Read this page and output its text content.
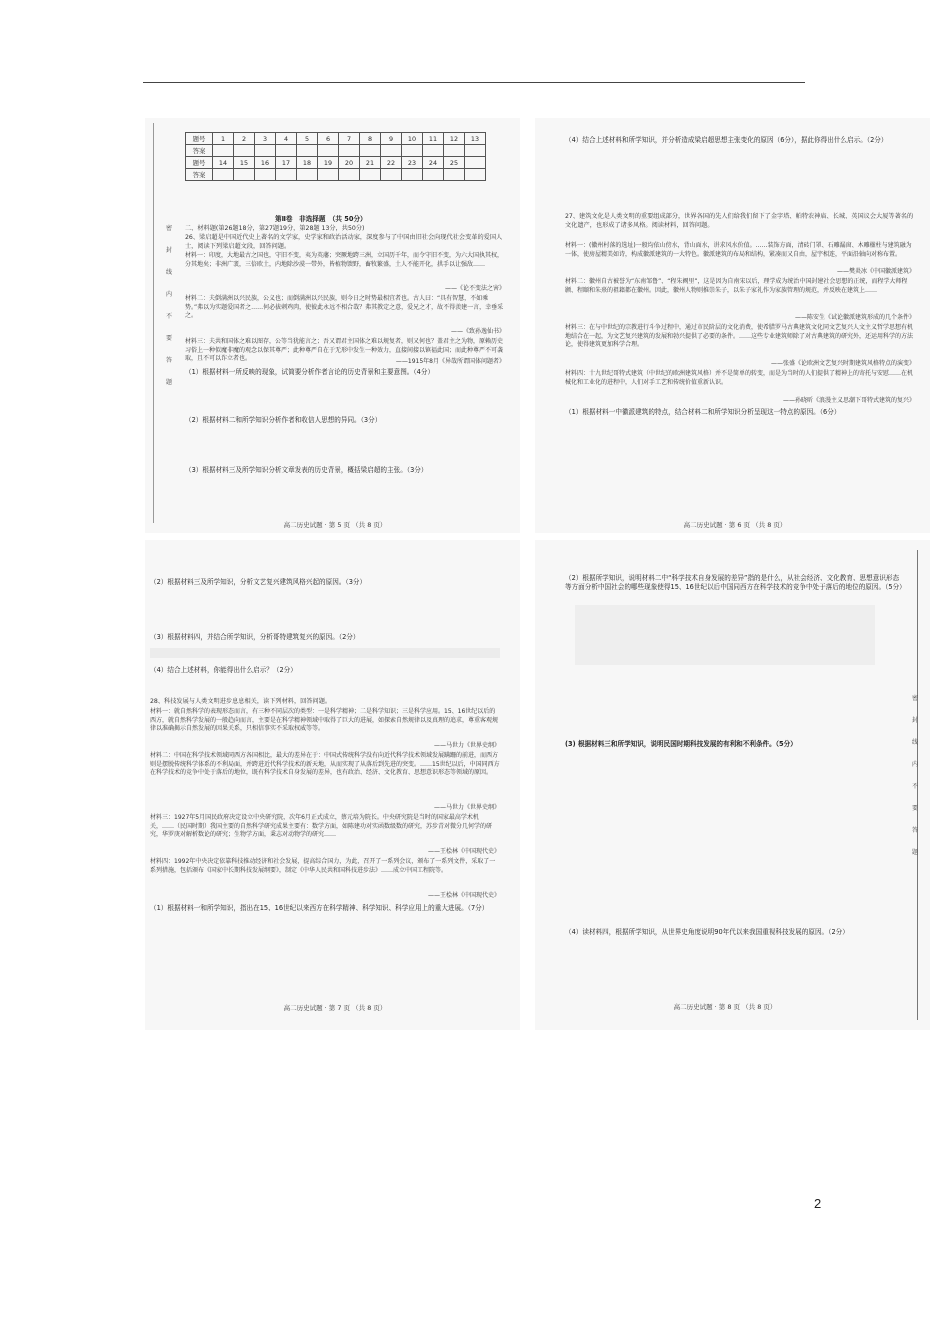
密
封
线
内
不
要
答
题
题号	1	2	3	4	5	6	7	8	9	10	11	12	13
答案													
题号	14	15	16	17	18	19	20	21	22	23	24	25	
答案													
第Ⅱ卷　非选择题　（共 50分）
二、材料题(第26题18分，第27题19分，第28题 13分，共50分)
26、梁启超是中国近代史上著名的文学家，史学家和政治活动家，深度参与了中国由旧社会向现代社会变革的爱国人士，阅读下列梁启超文段，回答问题。
材料一：印度，大地最古之国也，守旧不变，夷为英藩；突厥地跨三洲，立国历千年，而令守旧不变，为六大国执其权，分其地矣；非洲广袤，三倍欧土，内地除沙漠一带外，皆植物馈野，畜牧繁盛，土人不能开化，拱手以让强敌……
——《论不变法之害》
材料二：夫倒满洲以兴民族，公义也；而倒满洲以兴民族，则今日之时势最相宜者也。古人曰：“具有智慧，不如乘势。”弗以为实题爱国者之……何必拔刺鸡肉，使彼此永远不相合哉？弗其教定之意，爱兄之才，故不得羡建一言，幸垂采之。
——《致孙逸仙书》
材料三：夫共和国体之难以图存，公等当犹能言之；吾又谓君主国体之难以规复者，则又何也？盖君主之为物，原赖历史习俗上一种似魔非魔的观念以保其尊严；此种尊严自在于无形中发生一种效力，直接间接以镇福此国；而此种尊严不可袭取，且不可以诈立者也。	——1915年8月《异哉所谓国体问题者》
（1）根据材料一所反映的现象，试简要分析作者言论的历史背景和主要意图。（4分）
（2）根据材料二和所学知识分析作者和收信人思想的异同。（3分）
（3）根据材料三及所学知识分析文章发表的历史背景，概括梁启超的主张。（3分）
高二历史试题 · 第 5 页 （共 8 页）
（4）结合上述材料和所学知识，并分析造成梁启超思想主张变化的原因（6分），据此你得出什么启示。（2分）
27、建筑文化是人类文明的重要组成部分，世界各国的先人们给我们留下了金字塔、帕特农神庙、长城、英国议会大厦等著名的文化遗产，也形成了诸多风格。阅读材料，回答问题。
材料一：(徽州村落的选址)一般均依山傍水，背山面水，讲求风水价值。……装饰方面，清砖门罩、石雕漏窗、木雕楹柱与建筑融为一体，使房屋精美如诗，构成徽派建筑的一大特色。徽派建筑的布局和结构，紧凑而又自由，屋宇相连，平面沿轴向对称布置。
——樊炎冰《中国徽派建筑》
材料二：徽州自古被誉为“东南邹鲁”、“程朱阙里”，这是因为自南宋以后，理学成为统治中国封建社会思想的正统，而程学大师程颢、程颐和朱熹的祖籍都在徽州。因此，徽州人物则推崇朱子，以朱子家礼作为家族管理的规范，并反映在建筑上……
——陈安生《试论徽派建筑形成的几个条件》
材料三：在与中世纪的宗教进行斗争过程中，通过市民阶层的文化消费，使希腊罗马古典建筑文化同文艺复兴人文主义哲学思想有机地结合在一起，为文艺复兴建筑的发展和勃兴提供了必要的条件。……这些专业建筑师除了对古典建筑的研究外，还运用科学的方法论，使得建筑更加科学合理。
——张盛《论欧洲文艺复兴时期建筑风格特点的演变》
材料四：十九世纪哥特式建筑（中世纪的欧洲建筑风格）并不是简单的转变，而是为当时的人们提供了精神上的寄托与安慰……在机械化和工业化的进程中，人们对手工艺和传统价值重新认识。
——孙晓昕《浪漫主义思潮下哥特式建筑的复兴》
（1）根据材料一中徽派建筑的特点，结合材料二和所学知识分析呈现这一特点的原因。（6分）
高二历史试题 · 第 6 页 （共 8 页）
（2）根据材料三及所学知识，分析文艺复兴建筑风格兴起的原因。（3分）
（3）根据材料四，并结合所学知识，分析哥特建筑复兴的原因。（2分）
（4）结合上述材料，你能得出什么启示？（2分）
28、科技发展与人类文明进步息息相关，读下列材料，回答问题。
材料一：就自然科学的表现形态而言，有三种不同层次的类型：一是科学精神；二是科学知识；三是科学应用。15、16世纪以后的西方，就自然科学发展的一般趋向而言，主要是在科学精神领域中取得了巨大的进展，如探索自然规律以及真理的追求，尊重客观规律以准确揭示自然发展的因果关系，只相信事实不采取权威等等。
——马世力《世界史纲》
材料二：中国在科学技术领域同西方各国相比，最大的差异在于：中国式传统科学没有向近代科学技术领域发展蹒跚的前进，而西方则是摆脱传统科学体系的不利局面，并跨进近代科学技术的新天地，从而实现了从落后到先进的突变。……15世纪以后，中国同西方在科学技术的竞争中处于落后的地位，既有科学技术自身发展的差异，也有政治、经济、文化教育、思想意识形态等领域的原因。
——马世力《世界史纲》
材料三：1927年5月国民政府决定设立中央研究院，次年6月正式成立，蔡元培为院长。中央研究院是当时的国家最高学术机关，……（民国时期）我国主要的自然科学研究成果主要有：数学方面，如陈建功对实函数级数的研究，苏步青对微分几何学的研究，华罗庚对解析数论的研究；生物学方面，秉志对动物学的研究……
——王桧林《中国现代史》
材料四：1992年中央决定依靠科技推动经济和社会发展，提高综合国力，为此，召开了一系列会议，颁布了一系列文件，采取了一系列措施，包括颁布《国家中长期科技发展纲要》，制定《中华人民共和国科技进步法》……成立中国工程院等。
——王桧林《中国现代史》
（1）根据材料一和所学知识，指出在15、16世纪以来西方在科学精神、科学知识、科学应用上的重大进展。（7分）
高二历史试题 · 第 7 页 （共 8 页）
密
封
线
内
不
要
答
题
（2）根据所学知识，说明材料二中“科学技术自身发展的差异”指的是什么，从社会经济、文化教育、思想意识形态等方面分析中国社会的哪些现象使得15、16世纪以后中国同西方在科学技术的竞争中处于落后的地位的原因。（5分）
(3) 根据材料三和所学知识，说明民国时期科技发展的有利和不利条件。（5分）
（4）读材料四，根据所学知识，从世界史角度说明90年代以来我国重视科技发展的原因。（2分）
高二历史试题 · 第 8 页 （共 8 页）
2
